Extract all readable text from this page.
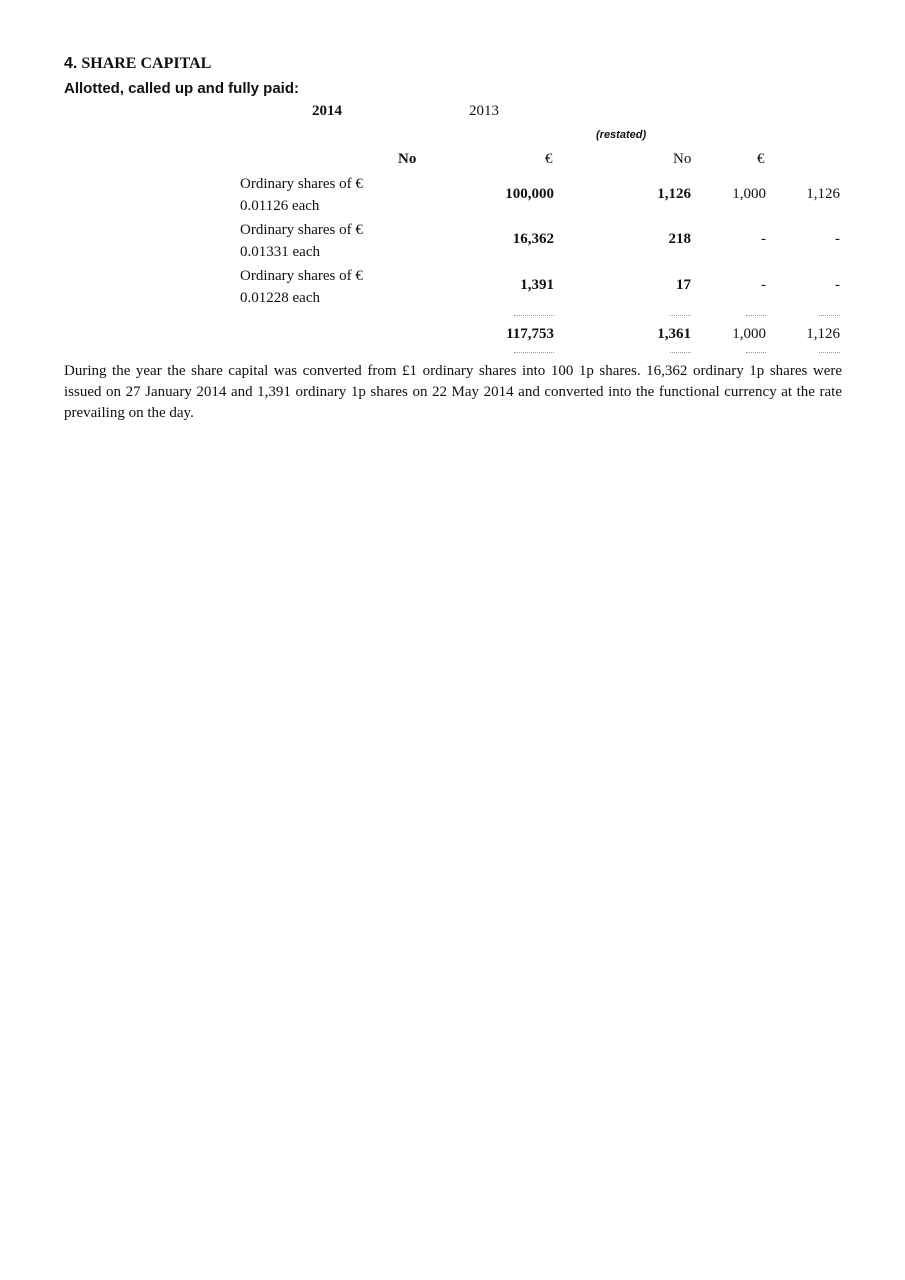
4. SHARE CAPITAL
Allotted, called up and fully paid:
2014	2013
(restated)
No	€	No	€
Ordinary shares of €
0.01126 each
100,000	1,126	1,000	1,126
Ordinary shares of €
0.01331 each
16,362	218	-	-
Ordinary shares of €
0.01228 each
1,391	17	-	-
117,753	1,361	1,000	1,126
During the year the share capital was converted from £1 ordinary shares into 100 1p shares. 16,362 ordinary 1p shares were issued on 27 January 2014 and 1,391 ordinary 1p shares on 22 May 2014 and converted into the functional currency at the rate prevailing on the day.
